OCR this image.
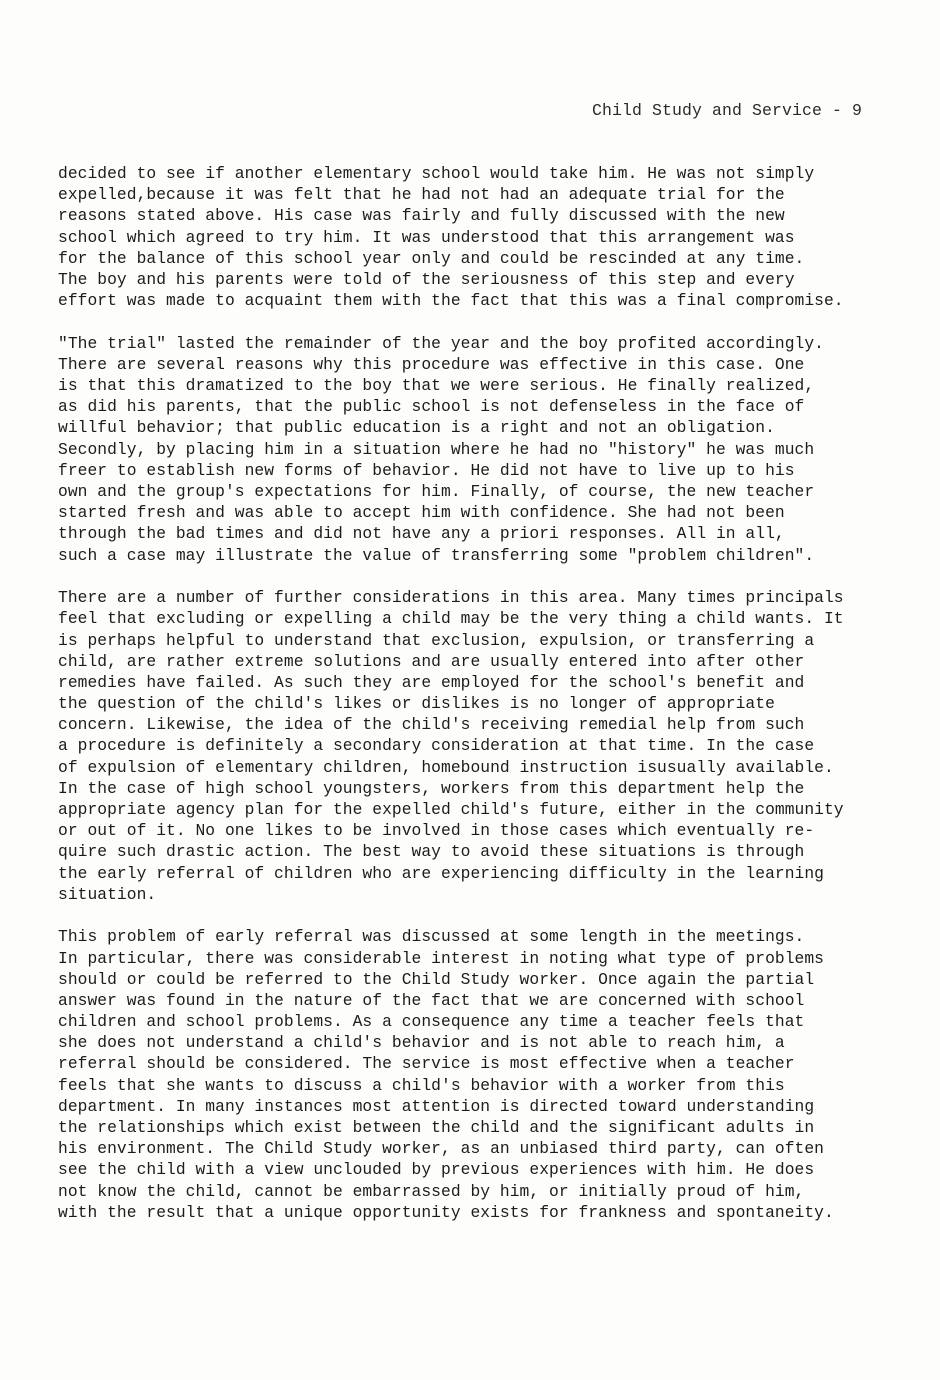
Child Study and Service - 9
decided to see if another elementary school would take him. He was not simply
expelled,because it was felt that he had not had an adequate trial for the
reasons stated above. His case was fairly and fully discussed with the new
school which agreed to try him. It was understood that this arrangement was
for the balance of this school year only and could be rescinded at any time.
The boy and his parents were told of the seriousness of this step and every
effort was made to acquaint them with the fact that this was a final compromise.
"The trial" lasted the remainder of the year and the boy profited accordingly.
There are several reasons why this procedure was effective in this case. One
is that this dramatized to the boy that we were serious. He finally realized,
as did his parents, that the public school is not defenseless in the face of
willful behavior; that public education is a right and not an obligation.
Secondly, by placing him in a situation where he had no "history" he was much
freer to establish new forms of behavior. He did not have to live up to his
own and the group's expectations for him. Finally, of course, the new teacher
started fresh and was able to accept him with confidence. She had not been
through the bad times and did not have any a priori responses. All in all,
such a case may illustrate the value of transferring some "problem children".
There are a number of further considerations in this area. Many times principals
feel that excluding or expelling a child may be the very thing a child wants. It
is perhaps helpful to understand that exclusion, expulsion, or transferring a
child, are rather extreme solutions and are usually entered into after other
remedies have failed. As such they are employed for the school's benefit and
the question of the child's likes or dislikes is no longer of appropriate
concern. Likewise, the idea of the child's receiving remedial help from such
a procedure is definitely a secondary consideration at that time. In the case
of expulsion of elementary children, homebound instruction isusually available.
In the case of high school youngsters, workers from this department help the
appropriate agency plan for the expelled child's future, either in the community
or out of it. No one likes to be involved in those cases which eventually re-
quire such drastic action. The best way to avoid these situations is through
the early referral of children who are experiencing difficulty in the learning
situation.
This problem of early referral was discussed at some length in the meetings.
In particular, there was considerable interest in noting what type of problems
should or could be referred to the Child Study worker. Once again the partial
answer was found in the nature of the fact that we are concerned with school
children and school problems. As a consequence any time a teacher feels that
she does not understand a child's behavior and is not able to reach him, a
referral should be considered. The service is most effective when a teacher
feels that she wants to discuss a child's behavior with a worker from this
department. In many instances most attention is directed toward understanding
the relationships which exist between the child and the significant adults in
his environment. The Child Study worker, as an unbiased third party, can often
see the child with a view unclouded by previous experiences with him. He does
not know the child, cannot be embarrassed by him, or initially proud of him,
with the result that a unique opportunity exists for frankness and spontaneity.
